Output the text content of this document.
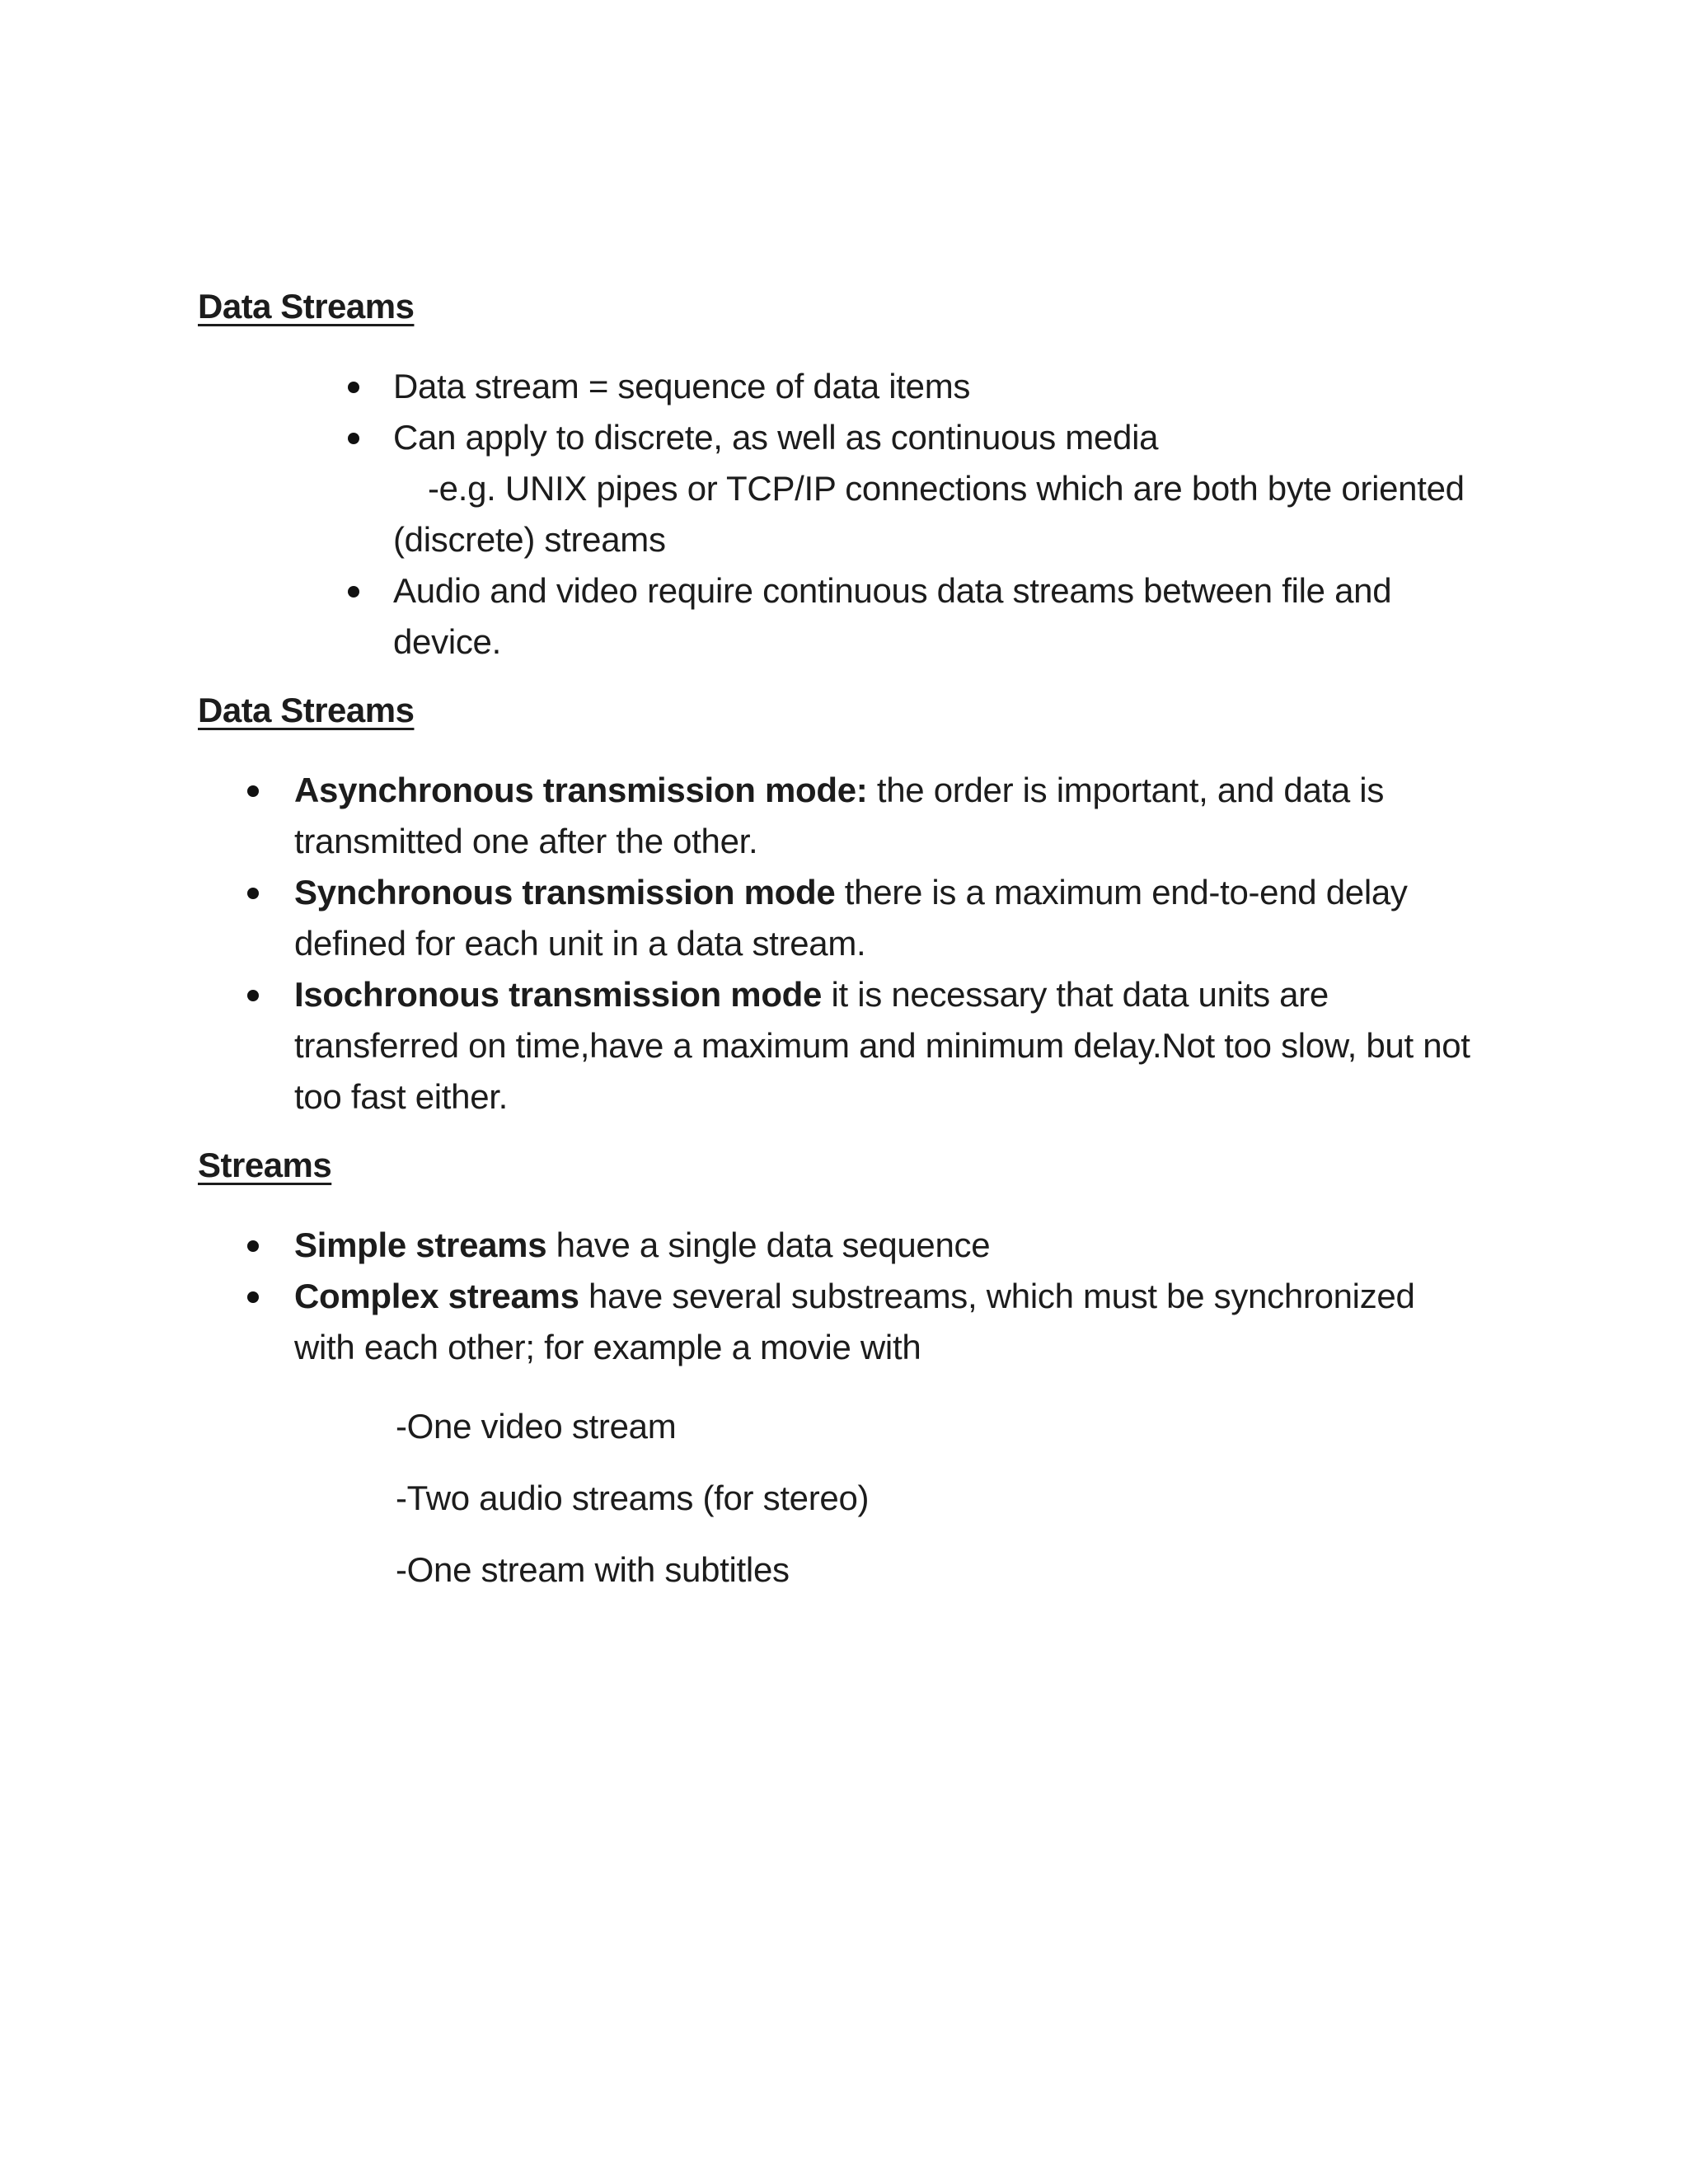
Data Streams
Data stream = sequence of data items
Can apply to discrete, as well as continuous media
-e.g. UNIX pipes or TCP/IP connections which are both byte oriented (discrete) streams
Audio and video require continuous data streams between file and device.
Data Streams
Asynchronous transmission mode: the order is important, and data is transmitted one after the other.
Synchronous transmission mode there is a maximum end-to-end delay defined for each unit in a data stream.
Isochronous transmission mode it is necessary that data units are transferred on time,have a maximum and minimum delay.Not too slow, but not too fast either.
Streams
Simple streams have a single data sequence
Complex streams have several substreams, which must be synchronized with each other; for example a movie with

-One video stream

-Two audio streams (for stereo)

-One stream with subtitles
